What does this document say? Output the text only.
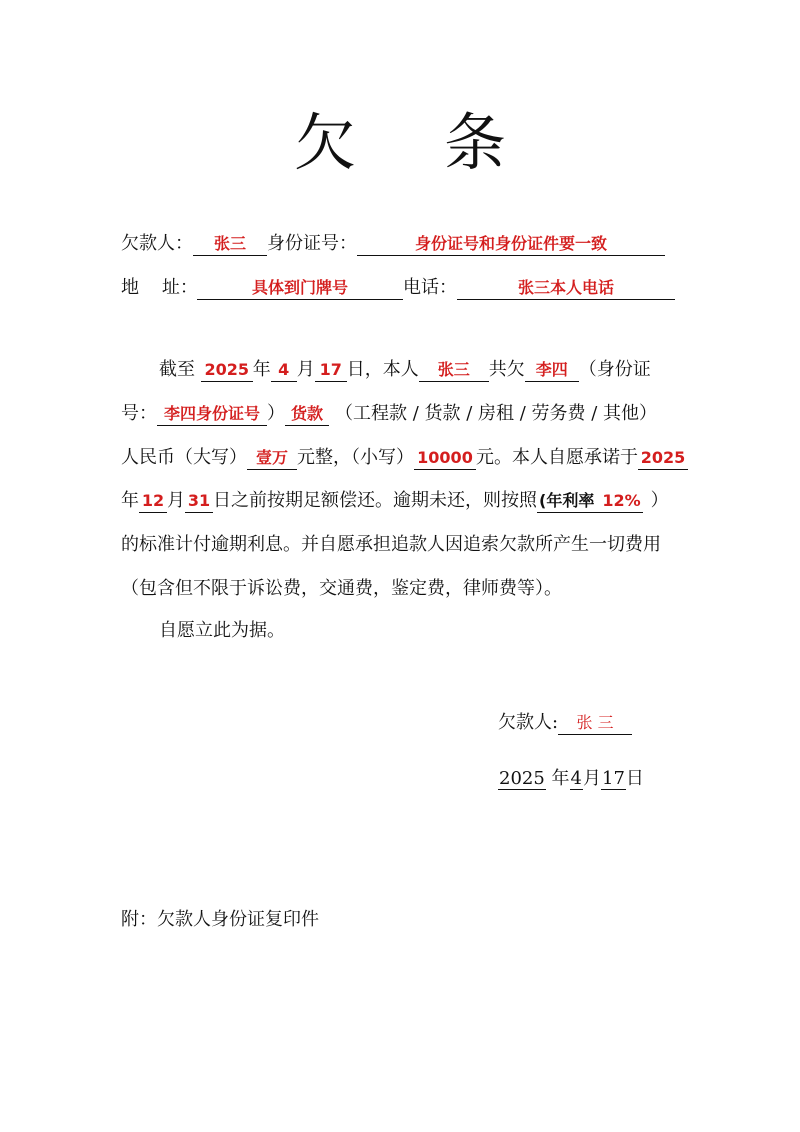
欠 条
欠款人： 张三 身份证号：	身份证号和身份证件要一致
地    址：	具体到门牌号	电话：	张三本人电话
截至 2025 年 4 月 17 日，本人 张三 共欠 李四 （身份证
号： 李四身份证号 ） 货款 （工程款 / 货款 / 房租 / 劳务费 / 其他）
人民币（大写） 壹万 元整，（小写） 10000 元。本人自愿承诺于 2025
年 12 月 31 日之前按期足额偿还。逾期未还，则按照 (年利率 12% ）
的标准计付逾期利息。并自愿承担追款人因追索欠款所产生一切费用
（包含但不限于诉讼费，交通费，鉴定费，律师费等）。
自愿立此为据。
欠款人: 张 三
2025 年4月17日
附：欠款人身份证复印件
